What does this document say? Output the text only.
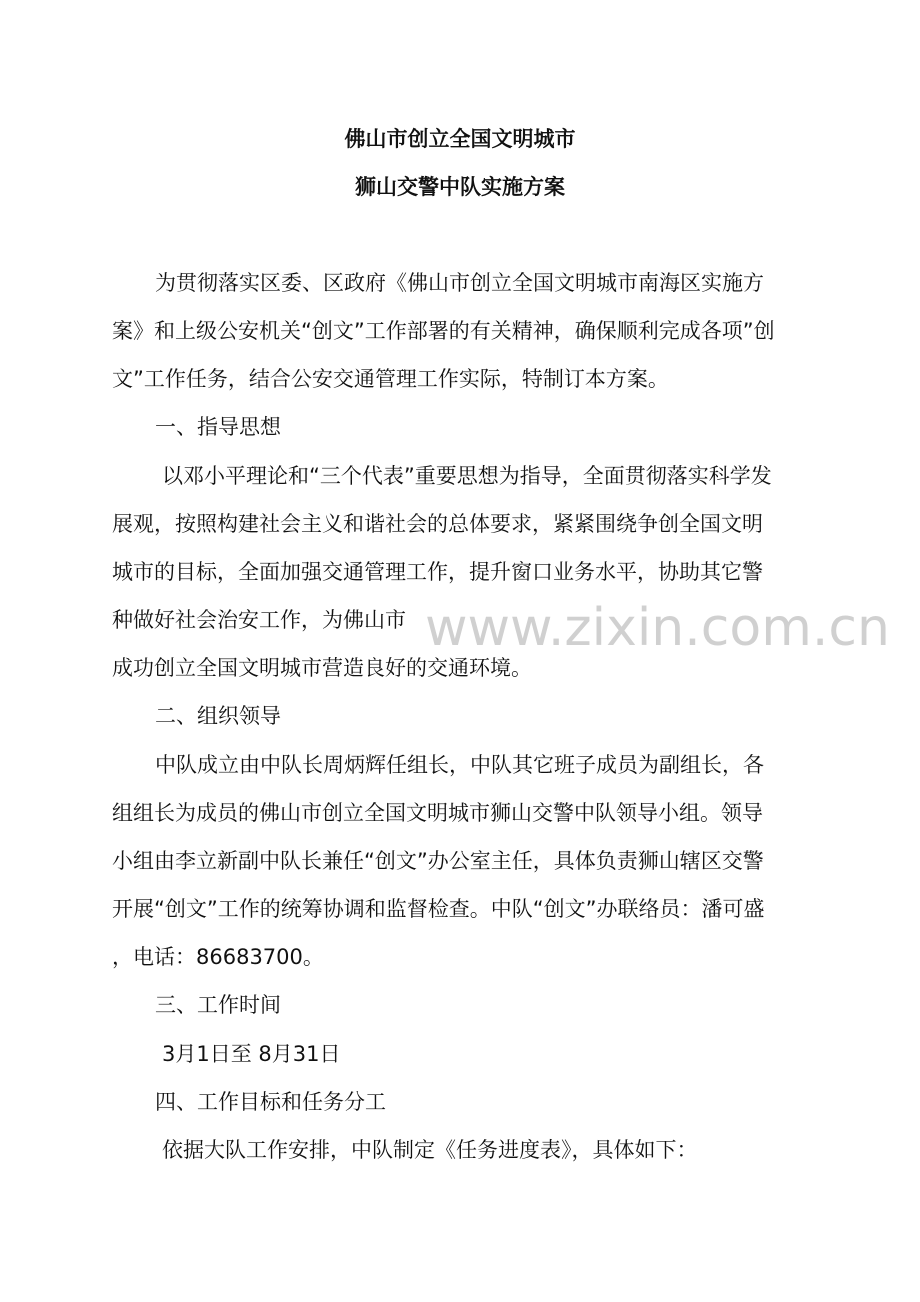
www.zixin.com.cn
佛山市创立全国文明城市
狮山交警中队实施方案

为贯彻落实区委、区政府《佛山市创立全国文明城市南海区实施方

案》和上级公安机关“创文”工作部署的有关精神，确保顺利完成各项”创

文”工作任务，结合公安交通管理工作实际，特制订本方案。

一、指导思想

以邓小平理论和“三个代表”重要思想为指导，全面贯彻落实科学发

展观，按照构建社会主义和谐社会的总体要求，紧紧围绕争创全国文明

城市的目标，全面加强交通管理工作，提升窗口业务水平，协助其它警

种做好社会治安工作，为佛山市

成功创立全国文明城市营造良好的交通环境。

二、组织领导

中队成立由中队长周炳辉任组长，中队其它班子成员为副组长，各

组组长为成员的佛山市创立全国文明城市狮山交警中队领导小组。领导

小组由李立新副中队长兼任“创文”办公室主任，具体负责狮山辖区交警

开展“创文”工作的统筹协调和监督检查。中队“创文”办联络员：潘可盛

，电话：86683700。

三、工作时间

3月1日至 8月31日

四、工作目标和任务分工

依据大队工作安排，中队制定《任务进度表》，具体如下：
